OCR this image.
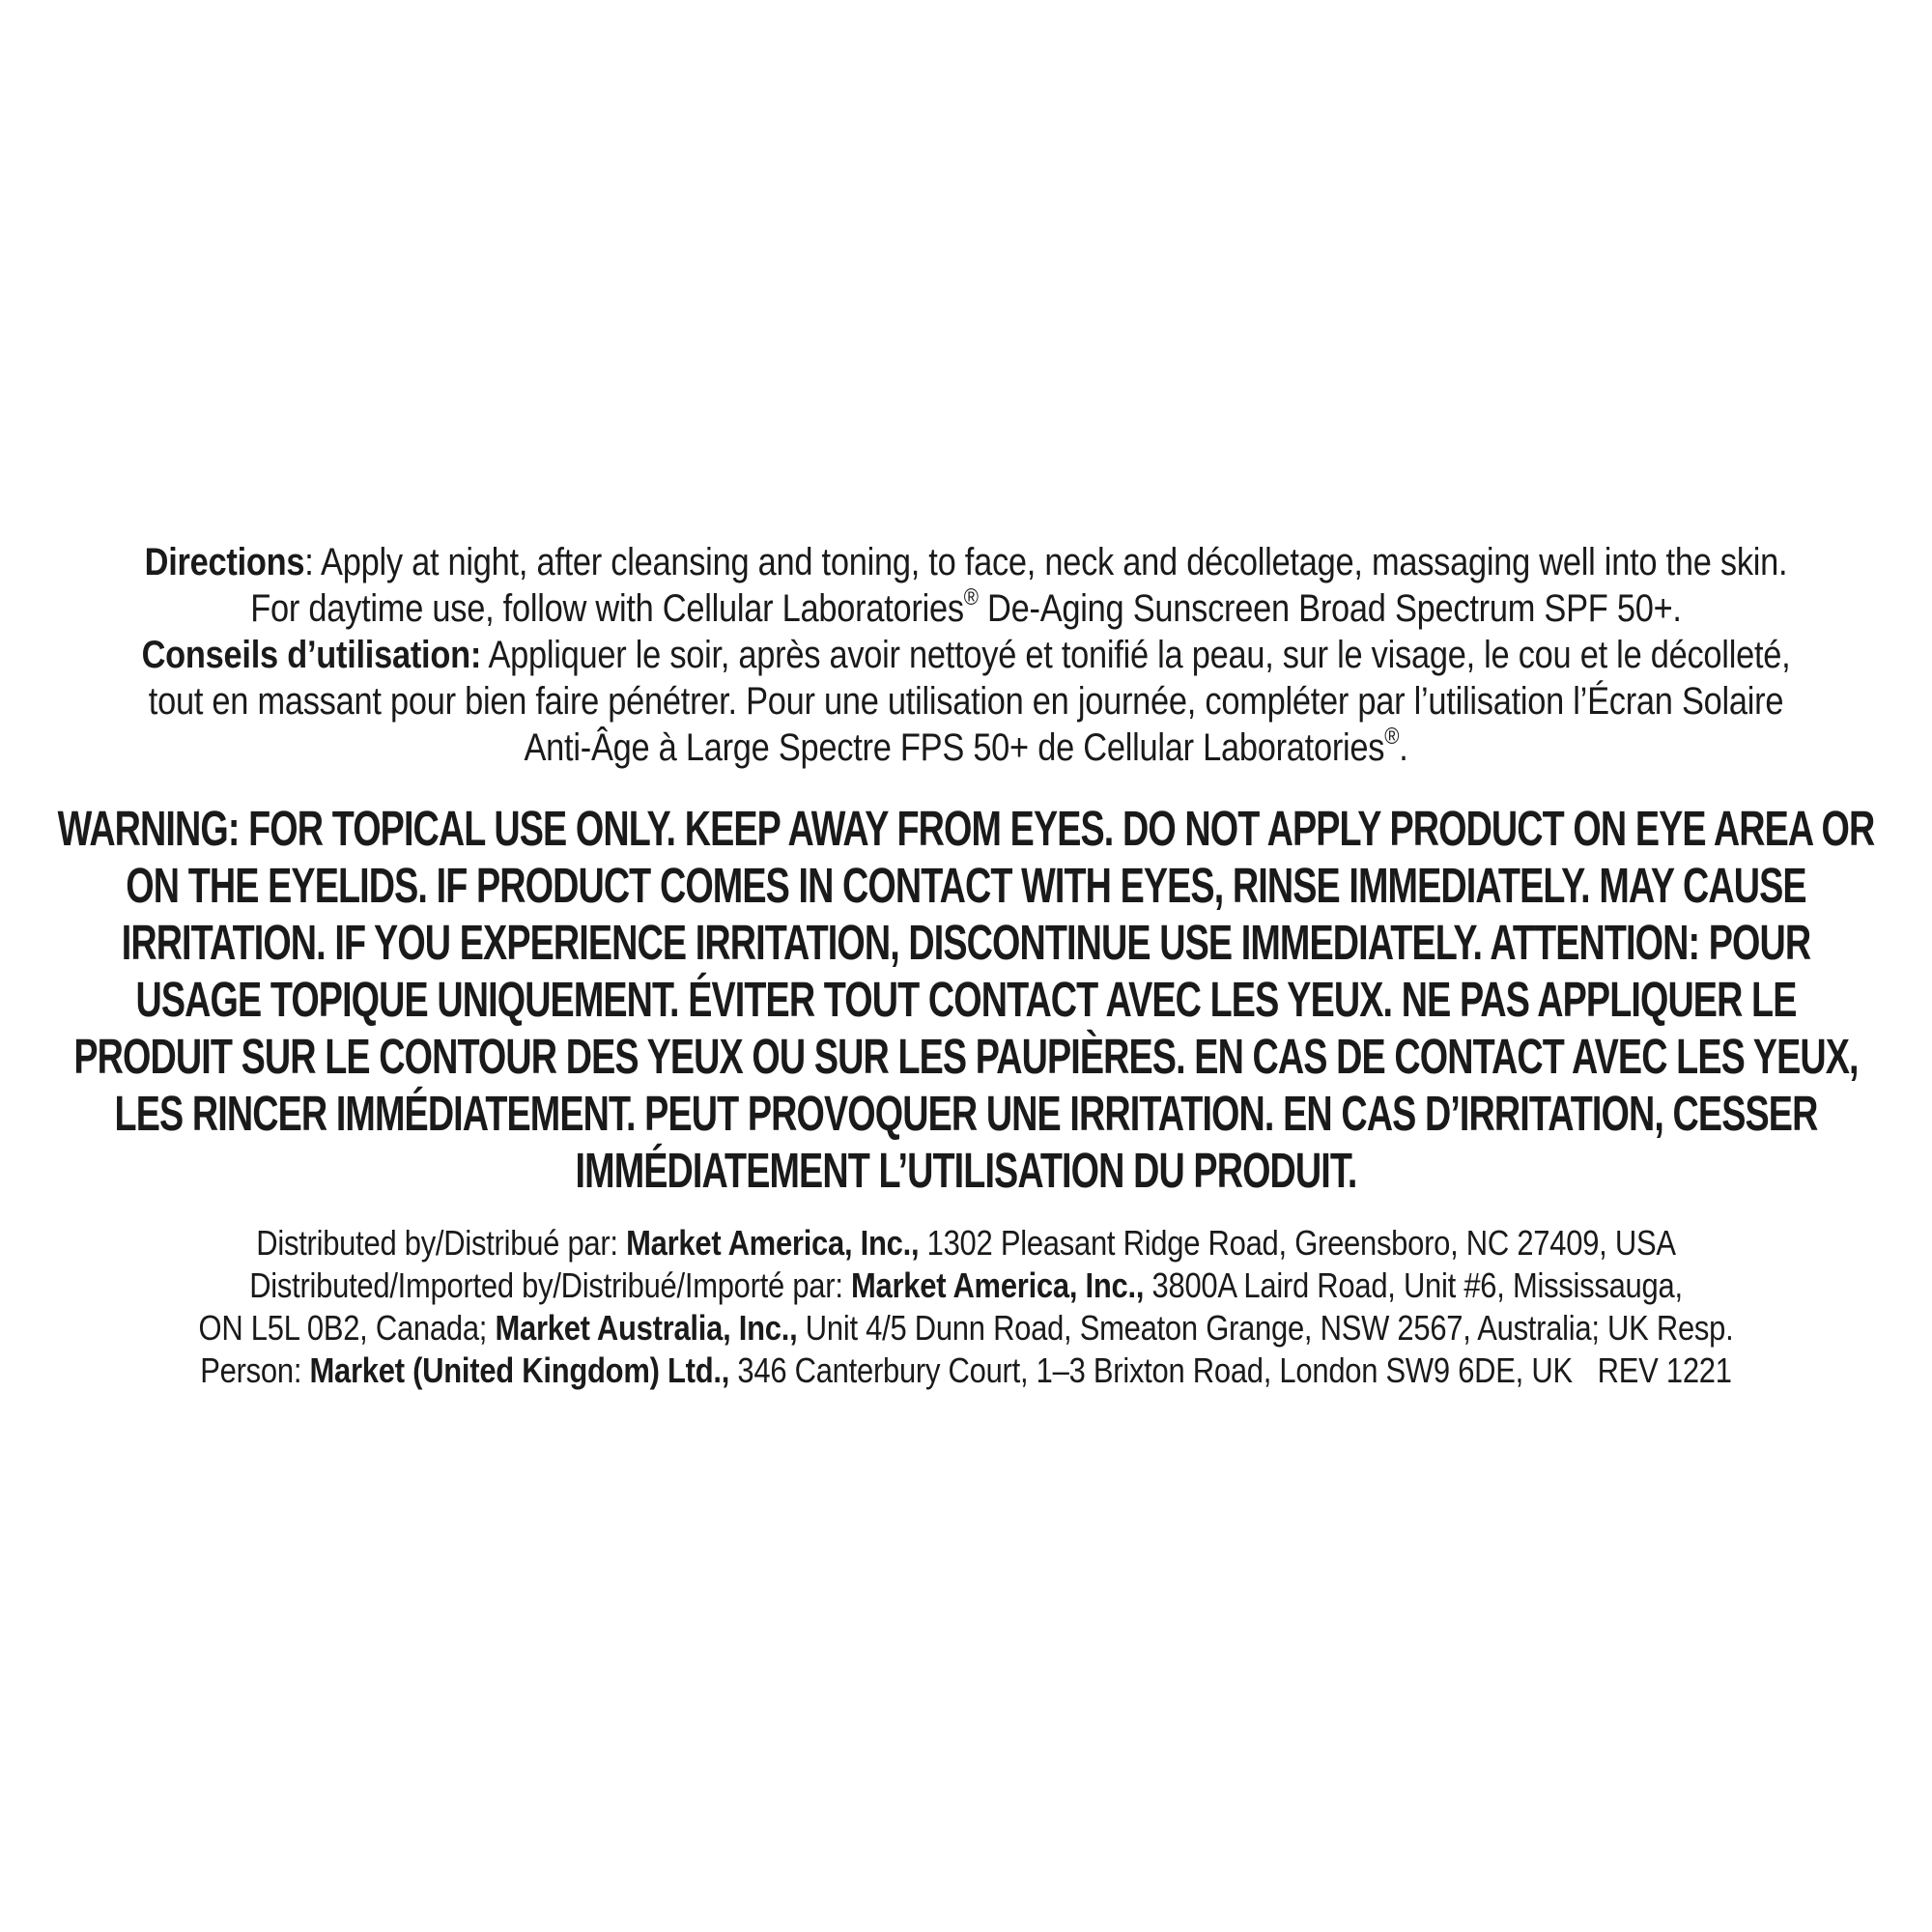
Directions: Apply at night, after cleansing and toning, to face, neck and décolletage, massaging well into the skin.
For daytime use, follow with Cellular Laboratories® De-Aging Sunscreen Broad Spectrum SPF 50+.
Conseils d’utilisation: Appliquer le soir, après avoir nettoyé et tonifié la peau, sur le visage, le cou et le décolleté,
tout en massant pour bien faire pénétrer. Pour une utilisation en journée, compléter par l’utilisation l’Écran Solaire
Anti-Âge à Large Spectre FPS 50+ de Cellular Laboratories®.
WARNING: FOR TOPICAL USE ONLY. KEEP AWAY FROM EYES. DO NOT APPLY PRODUCT ON EYE AREA OR
ON THE EYELIDS. IF PRODUCT COMES IN CONTACT WITH EYES, RINSE IMMEDIATELY. MAY CAUSE
IRRITATION. IF YOU EXPERIENCE IRRITATION, DISCONTINUE USE IMMEDIATELY. ATTENTION: POUR
USAGE TOPIQUE UNIQUEMENT. ÉVITER TOUT CONTACT AVEC LES YEUX. NE PAS APPLIQUER LE
PRODUIT SUR LE CONTOUR DES YEUX OU SUR LES PAUPIÈRES. EN CAS DE CONTACT AVEC LES YEUX,
LES RINCER IMMÉDIATEMENT. PEUT PROVOQUER UNE IRRITATION. EN CAS D’IRRITATION, CESSER
IMMÉDIATEMENT L’UTILISATION DU PRODUIT.
Distributed by/Distribué par: Market America, Inc., 1302 Pleasant Ridge Road, Greensboro, NC 27409, USA
Distributed/Imported by/Distribué/Importé par: Market America, Inc., 3800A Laird Road, Unit #6, Mississauga,
ON L5L 0B2, Canada; Market Australia, Inc., Unit 4/5 Dunn Road, Smeaton Grange, NSW 2567, Australia; UK Resp.
Person: Market (United Kingdom) Ltd., 346 Canterbury Court, 1–3 Brixton Road, London SW9 6DE, UK REV 1221
